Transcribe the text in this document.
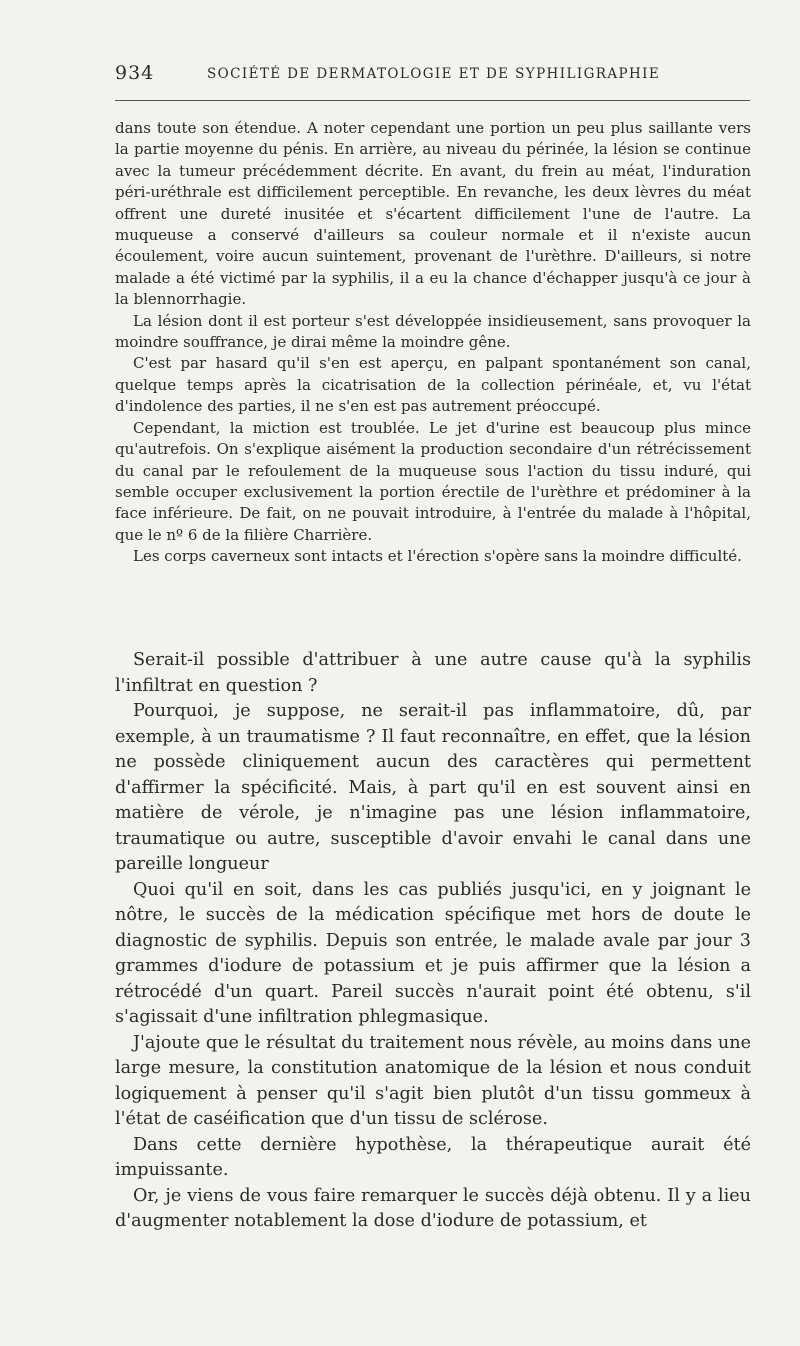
934	SOCIÉTÉ DE DERMATOLOGIE ET DE SYPHILIGRAPHIE

dans toute son étendue. A noter cependant une portion un peu plus saillante vers la partie moyenne du pénis. En arrière, au niveau du périnée, la lésion se continue avec la tumeur précédemment décrite. En avant, du frein au méat, l'induration péri-uréthrale est difficilement perceptible. En revanche, les deux lèvres du méat offrent une dureté inusitée et s'écartent difficilement l'une de l'autre. La muqueuse a conservé d'ailleurs sa couleur normale et il n'existe aucun écoulement, voire aucun suintement, provenant de l'urèthre. D'ailleurs, si notre malade a été victimé par la syphilis, il a eu la chance d'échapper jusqu'à ce jour à la blennorrhagie.

La lésion dont il est porteur s'est développée insidieusement, sans provoquer la moindre souffrance, je dirai même la moindre gêne.

C'est par hasard qu'il s'en est aperçu, en palpant spontanément son canal, quelque temps après la cicatrisation de la collection périnéale, et, vu l'état d'indolence des parties, il ne s'en est pas autrement préoccupé.

Cependant, la miction est troublée. Le jet d'urine est beaucoup plus mince qu'autrefois. On s'explique aisément la production secondaire d'un rétrécissement du canal par le refoulement de la muqueuse sous l'action du tissu induré, qui semble occuper exclusivement la portion érectile de l'urèthre et prédominer à la face inférieure. De fait, on ne pouvait introduire, à l'entrée du malade à l'hôpital, que le nº 6 de la filière Charrière.

Les corps caverneux sont intacts et l'érection s'opère sans la moindre difficulté.

Serait-il possible d'attribuer à une autre cause qu'à la syphilis l'infiltrat en question ?

Pourquoi, je suppose, ne serait-il pas inflammatoire, dû, par exemple, à un traumatisme ? Il faut reconnaître, en effet, que la lésion ne possède cliniquement aucun des caractères qui permettent d'affirmer la spécificité. Mais, à part qu'il en est souvent ainsi en matière de vérole, je n'imagine pas une lésion inflammatoire, traumatique ou autre, susceptible d'avoir envahi le canal dans une pareille longueur

Quoi qu'il en soit, dans les cas publiés jusqu'ici, en y joignant le nôtre, le succès de la médication spécifique met hors de doute le diagnostic de syphilis. Depuis son entrée, le malade avale par jour 3 grammes d'iodure de potassium et je puis affirmer que la lésion a rétrocédé d'un quart. Pareil succès n'aurait point été obtenu, s'il s'agissait d'une infiltration phlegmasique.

J'ajoute que le résultat du traitement nous révèle, au moins dans une large mesure, la constitution anatomique de la lésion et nous conduit logiquement à penser qu'il s'agit bien plutôt d'un tissu gommeux à l'état de caséification que d'un tissu de sclérose.

Dans cette dernière hypothèse, la thérapeutique aurait été impuissante.

Or, je viens de vous faire remarquer le succès déjà obtenu. Il y a lieu d'augmenter notablement la dose d'iodure de potassium, et
